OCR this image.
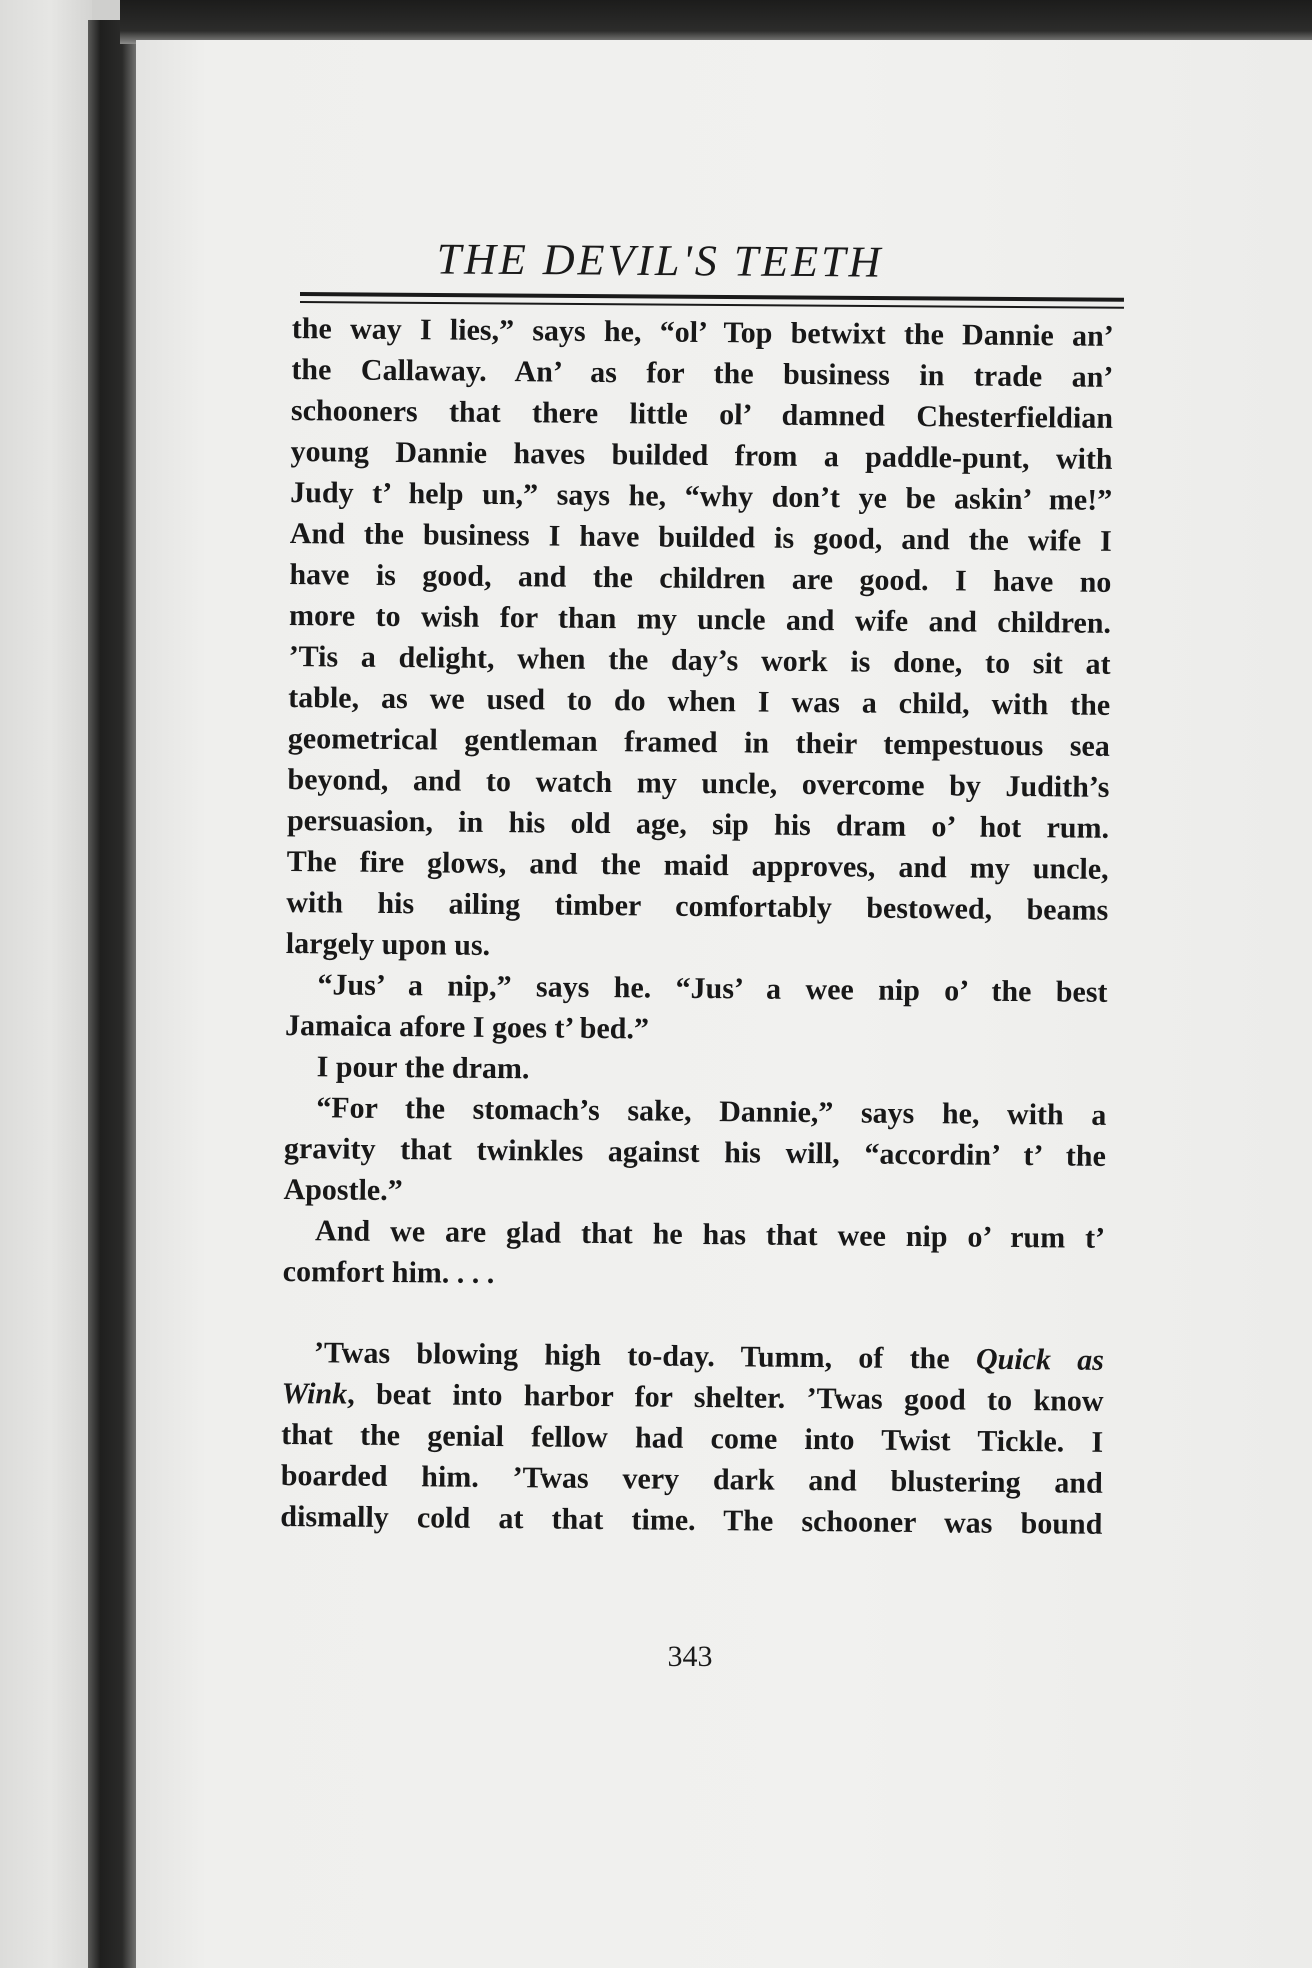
THE DEVIL'S TEETH
the way I lies,” says he, “ol’ Top betwixt the Dannie an’
the Callaway. An’ as for the business in trade an’
schooners that there little ol’ damned Chesterfieldian
young Dannie haves builded from a paddle-punt, with
Judy t’ help un,” says he, “why don’t ye be askin’ me!”
And the business I have builded is good, and the wife I
have is good, and the children are good. I have no
more to wish for than my uncle and wife and children.
’Tis a delight, when the day’s work is done, to sit at
table, as we used to do when I was a child, with the
geometrical gentleman framed in their tempestuous sea
beyond, and to watch my uncle, overcome by Judith’s
persuasion, in his old age, sip his dram o’ hot rum.
The fire glows, and the maid approves, and my uncle,
with his ailing timber comfortably bestowed, beams
largely upon us.
“Jus’ a nip,” says he. “Jus’ a wee nip o’ the best
Jamaica afore I goes t’ bed.”
I pour the dram.
“For the stomach’s sake, Dannie,” says he, with a
gravity that twinkles against his will, “accordin’ t’ the
Apostle.”
And we are glad that he has that wee nip o’ rum t’
comfort him. . . .
’Twas blowing high to-day. Tumm, of the Quick as
Wink, beat into harbor for shelter. ’Twas good to know
that the genial fellow had come into Twist Tickle. I
boarded him. ’Twas very dark and blustering and
dismally cold at that time. The schooner was bound
343
